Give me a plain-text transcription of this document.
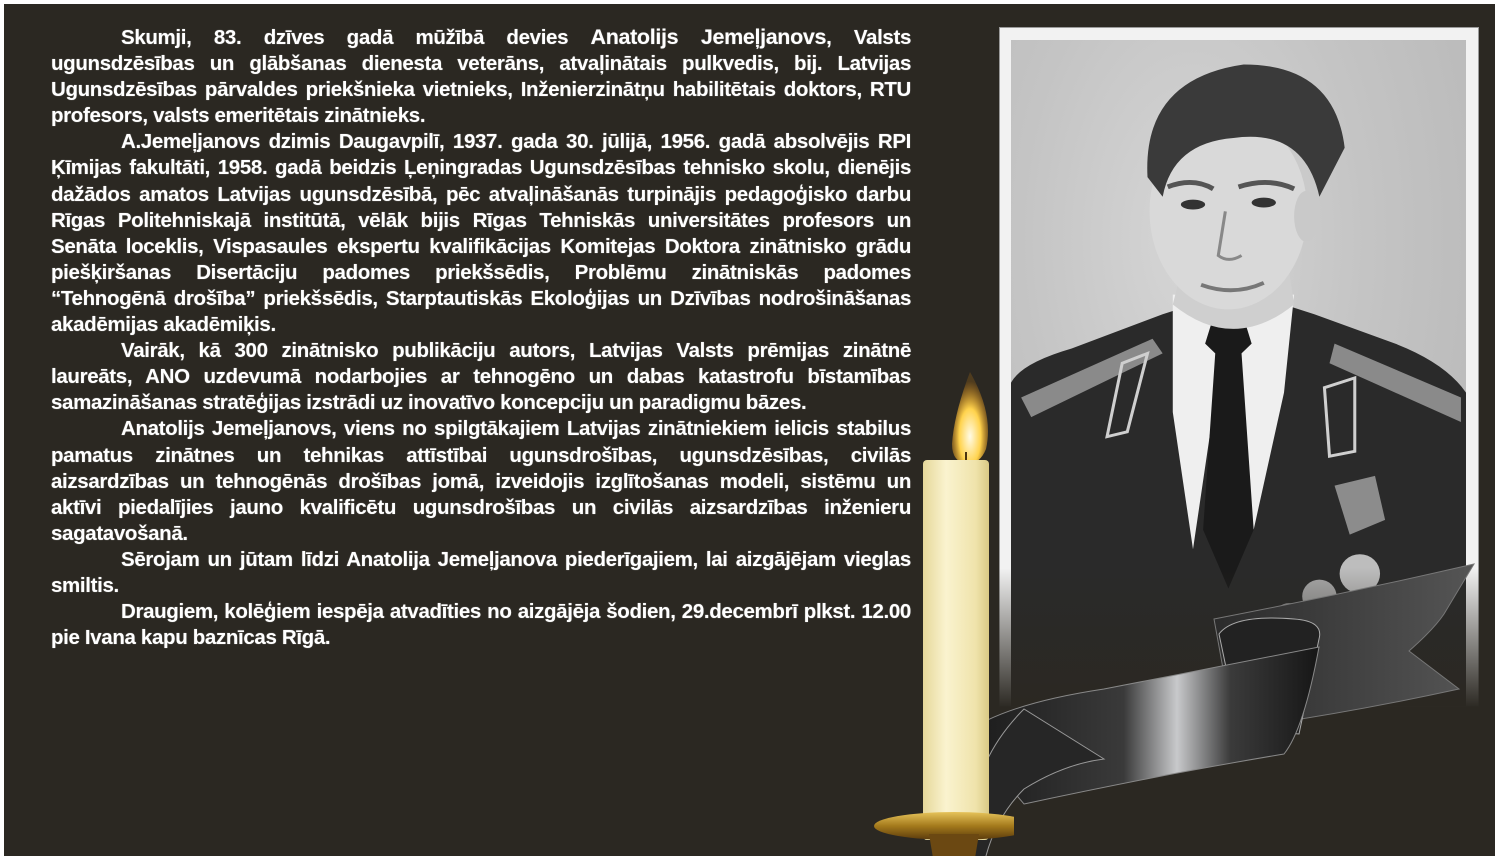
Skumji, 83. dzīves gadā mūžībā devies Anatolijs Jemeļjanovs, Valsts ugunsdzēsības un glābšanas dienesta veterāns, atvaļinātais pulkvedis, bij. Latvijas Ugunsdzēsības pārvaldes priekšnieka vietnieks, Inženierzinātņu habilitētais doktors, RTU profesors, valsts emeritētais zinātnieks.

A.Jemeļjanovs dzimis Daugavpilī, 1937. gada 30. jūlijā, 1956. gadā absolvējis RPI Ķīmijas fakultāti, 1958. gadā beidzis Ļeņingradas Ugunsdzēsības tehnisko skolu, dienējis dažādos amatos Latvijas ugunsdzēsībā, pēc atvaļināšanās turpinājis pedagoģisko darbu Rīgas Politehniskajā institūtā, vēlāk bijis Rīgas Tehniskās universitātes profesors un Senāta loceklis, Vispasaules ekspertu kvalifikācijas Komitejas Doktora zinātnisko grādu piešķiršanas Disertāciju padomes priekšsēdis, Problēmu zinātniskās padomes “Tehnogēnā drošība” priekšsēdis, Starptautiskās Ekoloģijas un Dzīvības nodrošināšanas akadēmijas akadēmiķis.

Vairāk, kā 300 zinātnisko publikāciju autors, Latvijas Valsts prēmijas zinātnē laureāts, ANO uzdevumā nodarbojies ar tehnogēno un dabas katastrofu bīstamības samazināšanas stratēģijas izstrādi uz inovatīvo koncepciju un paradigmu bāzes.

Anatolijs Jemeļjanovs, viens no spilgtākajiem Latvijas zinātniekiem ielicis stabilus pamatus zinātnes un tehnikas attīstībai ugunsdrošības, ugunsdzēsības, civilās aizsardzības un tehnogēnās drošības jomā, izveidojis izglītošanas modeli, sistēmu un aktīvi piedalījies jauno kvalificētu ugunsdrošības un civilās aizsardzības inženieru sagatavošanā.

Sērojam un jūtam līdzi Anatolija Jemeļjanova piederīgajiem, lai aizgājējam vieglas smiltis.

Draugiem, kolēģiem iespēja atvadīties no aizgājēja šodien, 29.decembrī plkst. 12.00 pie Ivana kapu baznīcas Rīgā.
